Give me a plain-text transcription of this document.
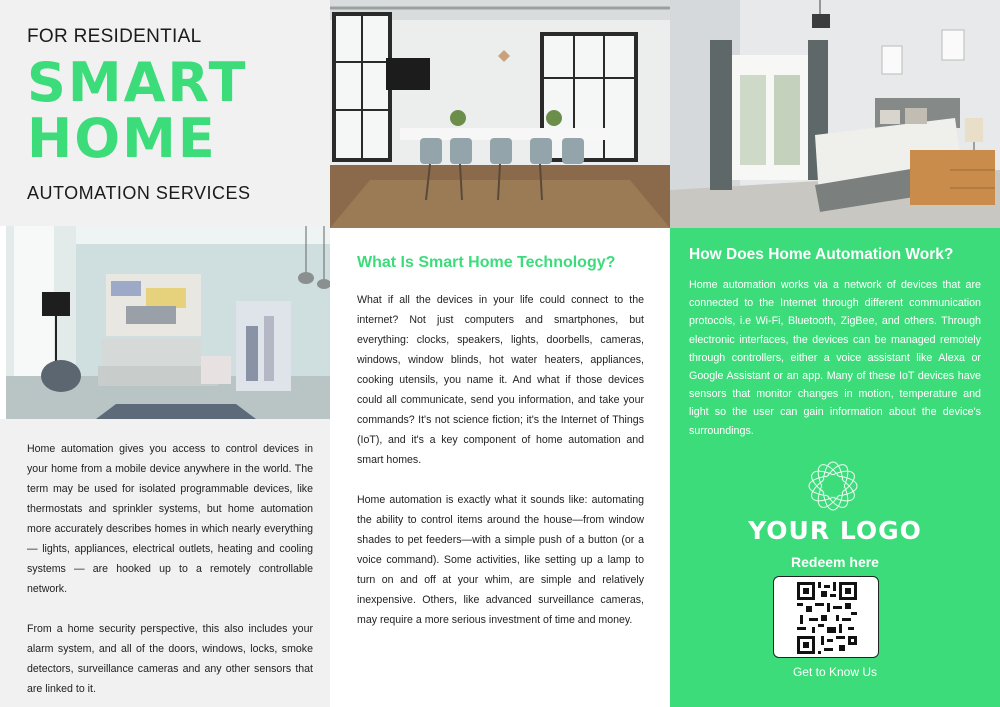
FOR RESIDENTIAL
SMART
HOME
AUTOMATION SERVICES

Home automation gives you access to control devices in your home from a mobile device anywhere in the world. The term may be used for isolated programmable devices, like thermostats and sprinkler systems, but home automation more accurately describes homes in which nearly everything — lights, appliances, electrical outlets, heating and cooling systems — are hooked up to a remotely controllable network.

From a home security perspective, this also includes your alarm system, and all of the doors, windows, locks, smoke detectors, surveillance cameras and any other sensors that are linked to it.

What Is Smart Home Technology?

What if all the devices in your life could connect to the internet? Not just computers and smartphones, but everything: clocks, speakers, lights, doorbells, cameras, windows, window blinds, hot water heaters, appliances, cooking utensils, you name it. And what if those devices could all communicate, send you information, and take your commands? It's not science fiction; it's the Internet of Things (IoT), and it's a key component of home automation and smart homes.

Home automation is exactly what it sounds like: automating the ability to control items around the house—from window shades to pet feeders—with a simple push of a button (or a voice command). Some activities, like setting up a lamp to turn on and off at your whim, are simple and relatively inexpensive. Others, like advanced surveillance cameras, may require a more serious investment of time and money.

How Does Home Automation Work?

Home automation works via a network of devices that are connected to the Internet through different communication protocols, i.e Wi-Fi, Bluetooth, ZigBee, and others. Through electronic interfaces, the devices can be managed remotely through controllers, either a voice assistant like Alexa or Google Assistant or an app. Many of these IoT devices have sensors that monitor changes in motion, temperature and light so the user can gain information about the device's surroundings.

YOUR LOGO
Redeem here
Get to Know Us
